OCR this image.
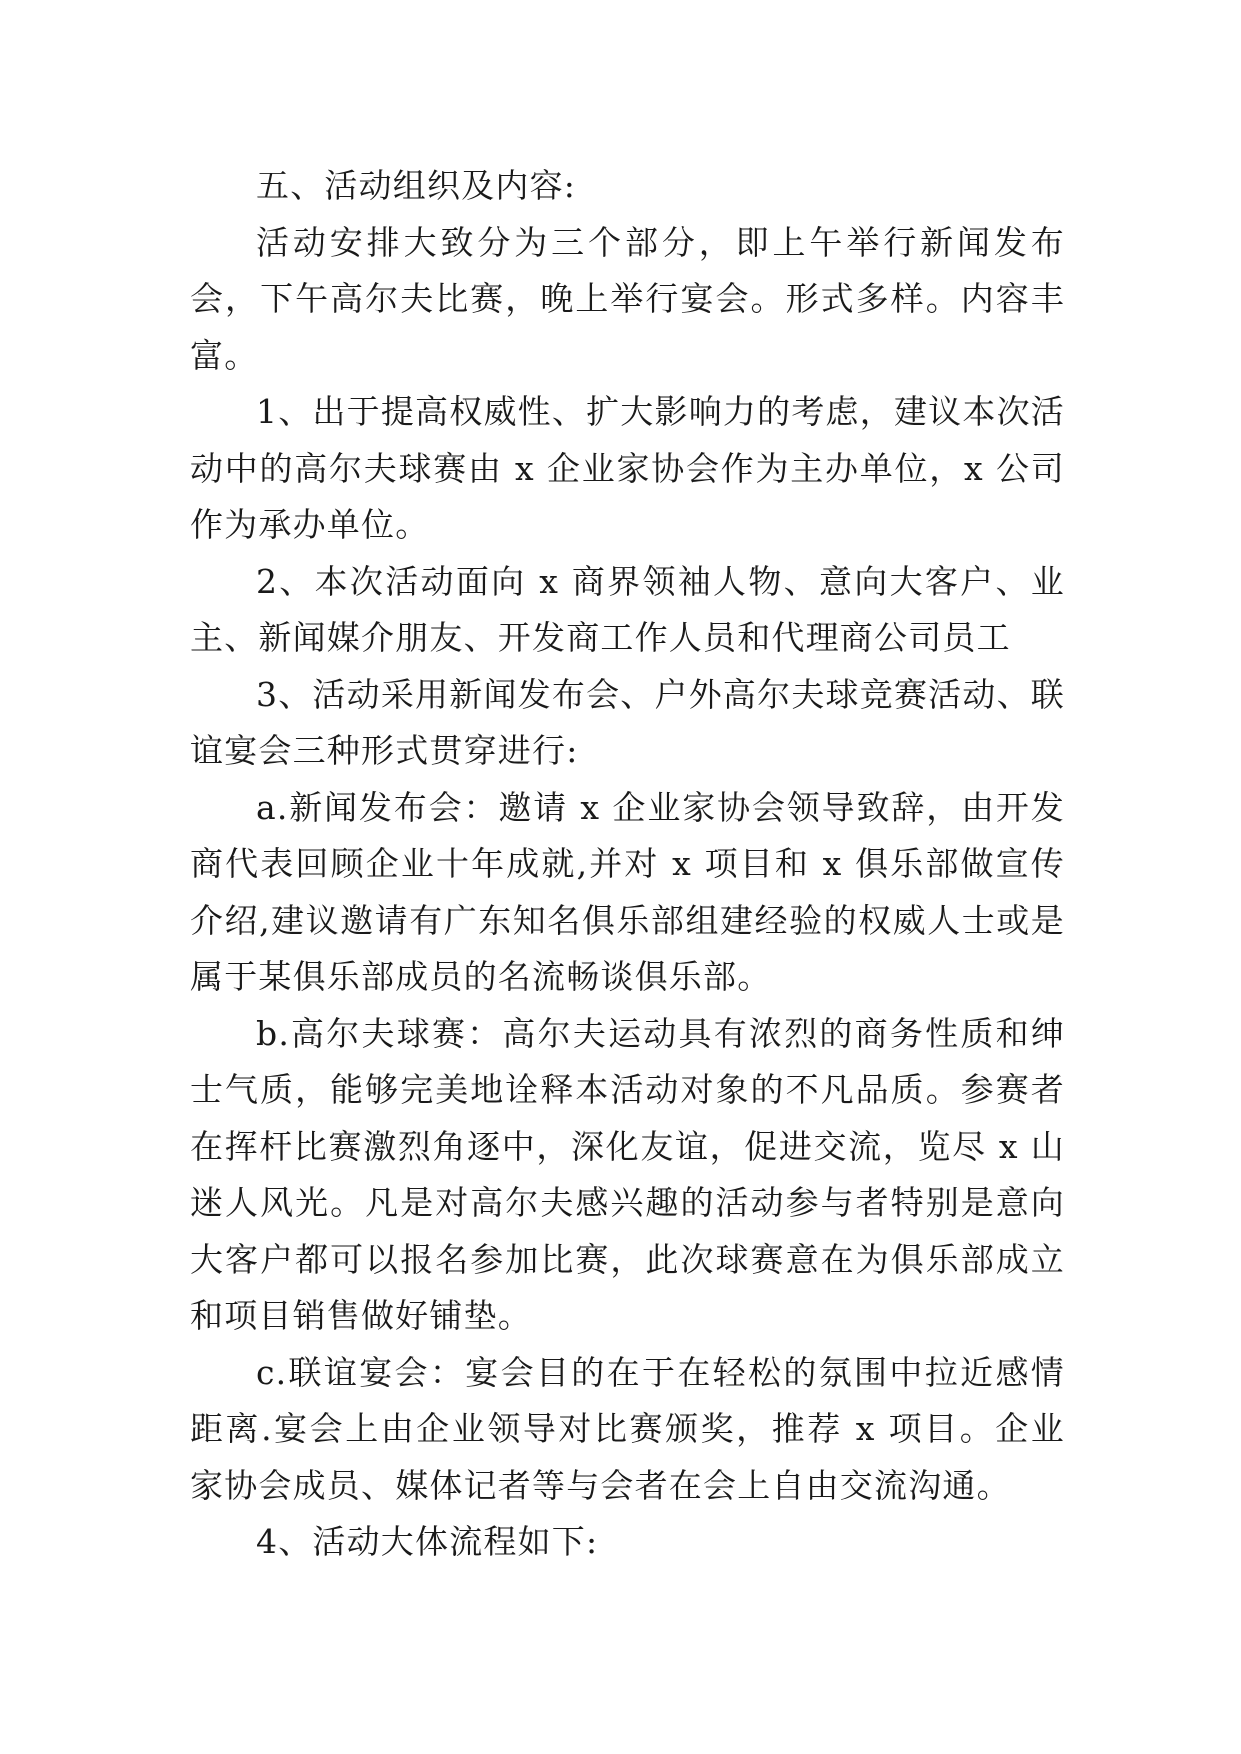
五、活动组织及内容:

活动安排大致分为三个部分，即上午举行新闻发布会，下午高尔夫比赛，晚上举行宴会。形式多样。内容丰富。

1、出于提高权威性、扩大影响力的考虑，建议本次活动中的高尔夫球赛由 x 企业家协会作为主办单位，x 公司作为承办单位。

2、本次活动面向 x 商界领袖人物、意向大客户、业主、新闻媒介朋友、开发商工作人员和代理商公司员工

3、活动采用新闻发布会、户外高尔夫球竞赛活动、联谊宴会三种形式贯穿进行:

a.新闻发布会：邀请 x 企业家协会领导致辞，由开发商代表回顾企业十年成就,并对 x 项目和 x 俱乐部做宣传介绍,建议邀请有广东知名俱乐部组建经验的权威人士或是属于某俱乐部成员的名流畅谈俱乐部。

b.高尔夫球赛：高尔夫运动具有浓烈的商务性质和绅士气质，能够完美地诠释本活动对象的不凡品质。参赛者在挥杆比赛激烈角逐中，深化友谊，促进交流，览尽 x 山迷人风光。凡是对高尔夫感兴趣的活动参与者特别是意向大客户都可以报名参加比赛，此次球赛意在为俱乐部成立和项目销售做好铺垫。

c.联谊宴会：宴会目的在于在轻松的氛围中拉近感情距离.宴会上由企业领导对比赛颁奖，推荐 x 项目。企业家协会成员、媒体记者等与会者在会上自由交流沟通。

4、活动大体流程如下:
